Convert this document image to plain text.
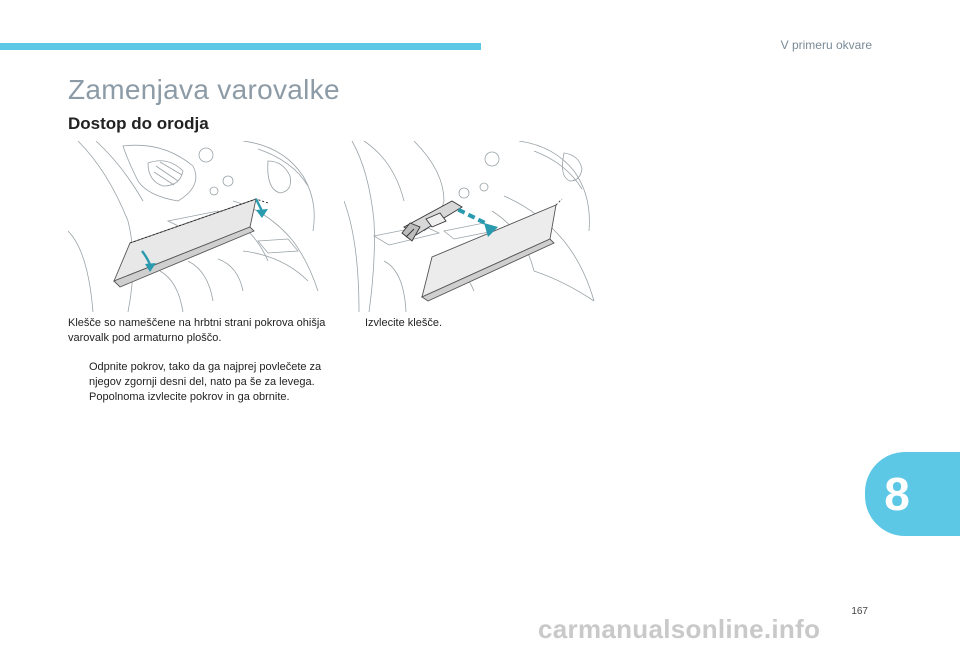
V primeru okvare
Zamenjava varovalke
Dostop do orodja

Klešče so nameščene na hrbtni strani pokrova ohišja varovalk pod armaturno ploščo.

Odpnite pokrov, tako da ga najprej povlečete za njegov zgornji desni del, nato pa še za levega.
Popolnoma izvlecite pokrov in ga obrnite.
Izvlecite klešče.
8
167
carmanualsonline.info
